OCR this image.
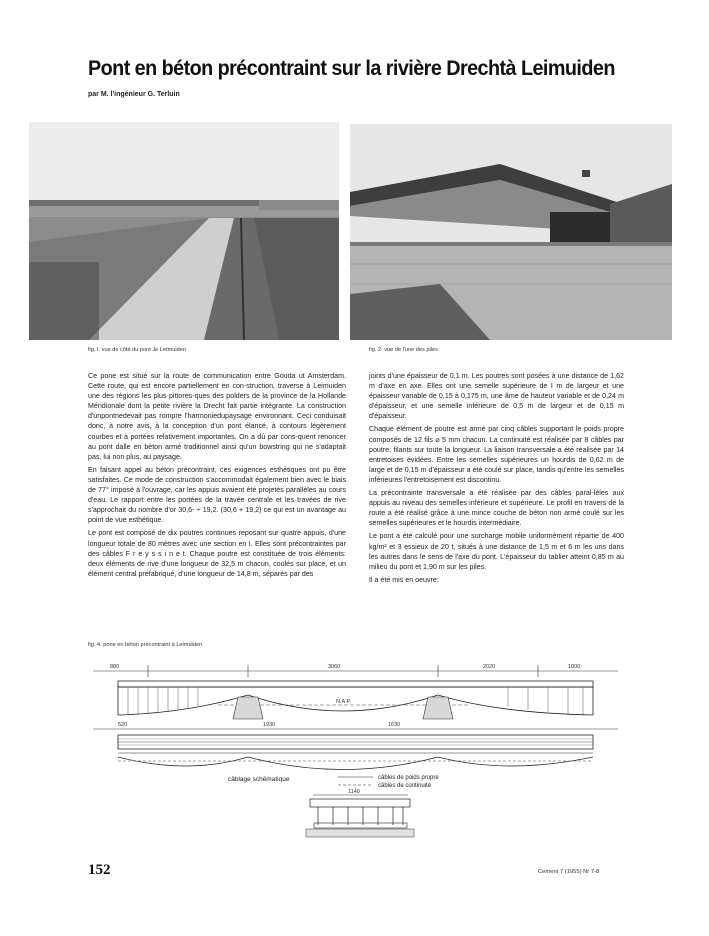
Pont en béton précontraint sur la rivière Drechtà Leimuiden
par M. l'ingénieur G. Terluin
fig. I. vue de côté du pont Je Letmuiden	fig. 2. vue de l'une des piles

Ce pone est situé sur la route de communication entre Gouda ut Amsterdam. Cette route, qui est encore partiellement en con-struction, traverse à Leimuiden une des régions les plus pittores-ques des polders de la province de la Hollande Méridionale dont la petite rivière la Drecht fait partie intégrante. La construction d'unpontnedevait pas rompre l'harmoniedupaysage environnant. Ceci conduisait donc, à notre avis, à la conception d'un pont élancé, à contours légèrement courbes et à portées relativement importantes. On a dû par cons-quent renoncer au pont dalle en béton armé traditionnel ainsi qu'un bowstring qui ne s'adaptait pas, lui non plus, au paysage.

En faisant appel au béton précontraint, ces exigences esthétiques ont pu être satisfaites. Ce mode de construction s'accommodait également bien avec le biais de 77° imposé à l'ouvrage, car les appuis avaient été projetés parallèles au cours d'eau. Le rapport entre les portées de la travée centrale et les travées de rive s'approchait du nombre d'or 30,6- ÷ 19,2. (30,6 + 19,2) ce qui est un avantage au point de vue esthétique.

Le pont est composé de dix poutres continues reposant sur quatre appuis, d'une longueur totale de 80 mètres avec une section en I. Elles sont précontraintes par des câbles F r e y s s i n e t. Chaque poutre est constituée de trois éléments: deux éléments de rive d'une longueur de 32,5 m chacun, coulés sur place, et un élément central préfabriqué, d'une longueur de 14,8 m, séparés par des

joints d'une épaisseur de 0,1 m. Les poutres sont posées à une distance de 1,62 m d'axe en axe. Elles ont une semelle supérieure de I m de largeur et une épaisseur variable de 0,15 à 0,175 m, une âme de hauteur variable et de 0,24 m d'épaisseur, et une semelle inférieure de 0,5 m de largeur et de 0,15 m d'épaisseur.

Chaque élément de poutre est armé par cinq câbles supportant le poids propre composés de 12 fils ⌀ 5 mm chacun. La continuité est réalisée par 8 câbles par poutre, filants sur toute la longueur. La liaison transversale a été réalisée par 14 entretoises évidées. Entre les semelles supérieures un hourdis de 0,62 m de large et de 0,15 m d'épaisseur a été coulé sur place, tandis qu'entre les semelles inférieures l'entretoisement est discontinu.

La précontrainte transversale a été réalisée par des câbles paral-lèles aux appuis au niveau des semelles inférieure et supérieure. Le profil en travers de la route a été réalisé grâce à une mince couche de béton non armé coulé sur les semelles supérieures et le hourdis intermédiaire.

Le pont a été calculé pour une surcharge mobile uniformément répartie de 400 kg/m² et 3 essieux de 20 t, situés à une distance de 1,5 m et 6 m les uns dans les autres dans le sens de l'axe du pont. L'épaisseur du tablier atteint 0,85 m au milieu du pont et 1,90 m sur les piles.

Il a été mis en oeuvre:

fig. 4. pone en béton précontraint à Leimuiden
880	3060	2020	1000
N.A.P.
520	1930	1630
câblage schématique	câbles de poids propre
câbles de continuité
1140
152	Cement 7 (1955) Nr 7-8
